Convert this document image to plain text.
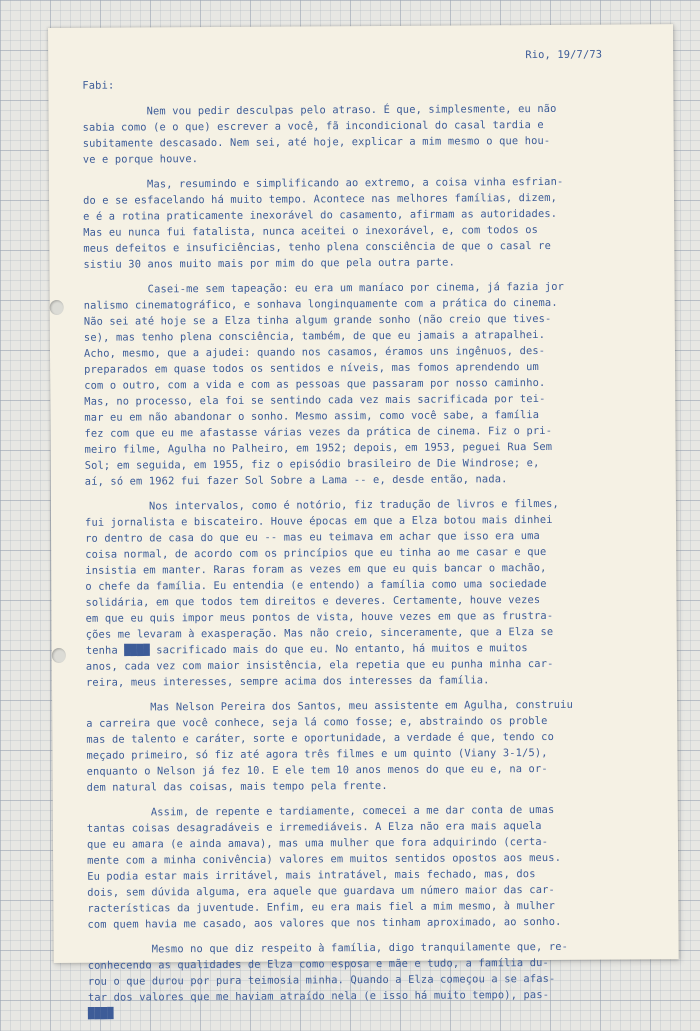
Rio, 19/7/73
Fabi:
Nem vou pedir desculpas pelo atraso. É que, simplesmente, eu não
sabia como (e o que) escrever a você, fã incondicional do casal tardia e
subitamente descasado. Nem sei, até hoje, explicar a mim mesmo o que hou-
ve e porque houve.
Mas, resumindo e simplificando ao extremo, a coisa vinha esfrian-
do e se esfacelando há muito tempo. Acontece nas melhores famílias, dizem,
e é a rotina praticamente inexorável do casamento, afirmam as autoridades.
Mas eu nunca fui fatalista, nunca aceitei o inexorável, e, com todos os
meus defeitos e insuficiências, tenho plena consciência de que o casal re
sistiu 30 anos muito mais por mim do que pela outra parte.
Casei-me sem tapeação: eu era um maníaco por cinema, já fazia jor
nalismo cinematográfico, e sonhava longinquamente com a prática do cinema.
Não sei até hoje se a Elza tinha algum grande sonho (não creio que tives-
se), mas tenho plena consciência, também, de que eu jamais a atrapalhei.
Acho, mesmo, que a ajudei: quando nos casamos, éramos uns ingênuos, des-
preparados em quase todos os sentidos e níveis, mas fomos aprendendo um
com o outro, com a vida e com as pessoas que passaram por nosso caminho.
Mas, no processo, ela foi se sentindo cada vez mais sacrificada por tei-
mar eu em não abandonar o sonho. Mesmo assim, como você sabe, a família
fez com que eu me afastasse várias vezes da prática de cinema. Fiz o pri-
meiro filme, Agulha no Palheiro, em 1952; depois, em 1953, peguei Rua Sem
Sol; em seguida, em 1955, fiz o episódio brasileiro de Die Windrose; e,
aí, só em 1962 fui fazer Sol Sobre a Lama -- e, desde então, nada.
Nos intervalos, como é notório, fiz tradução de livros e filmes,
fui jornalista e biscateiro. Houve épocas em que a Elza botou mais dinhei
ro dentro de casa do que eu -- mas eu teimava em achar que isso era uma
coisa normal, de acordo com os princípios que eu tinha ao me casar e que
insistia em manter. Raras foram as vezes em que eu quis bancar o machão,
o chefe da família. Eu entendia (e entendo) a família como uma sociedade
solidária, em que todos tem direitos e deveres. Certamente, houve vezes
em que eu quis impor meus pontos de vista, houve vezes em que as frustra-
ções me levaram à exasperação. Mas não creio, sinceramente, que a Elza se
tenha ████ sacrificado mais do que eu. No entanto, há muitos e muitos
anos, cada vez com maior insistência, ela repetia que eu punha minha car-
reira, meus interesses, sempre acima dos interesses da família.
Mas Nelson Pereira dos Santos, meu assistente em Agulha, construiu
a carreira que você conhece, seja lá como fosse; e, abstraindo os proble
mas de talento e caráter, sorte e oportunidade, a verdade é que, tendo co
meçado primeiro, só fiz até agora três filmes e um quinto (Viany 3-1/5),
enquanto o Nelson já fez 10. E ele tem 10 anos menos do que eu e, na or-
dem natural das coisas, mais tempo pela frente.
Assim, de repente e tardiamente, comecei a me dar conta de umas
tantas coisas desagradáveis e irremediáveis. A Elza não era mais aquela
que eu amara (e ainda amava), mas uma mulher que fora adquirindo (certa-
mente com a minha conivência) valores em muitos sentidos opostos aos meus.
Eu podia estar mais irritável, mais intratável, mais fechado, mas, dos
dois, sem dúvida alguma, era aquele que guardava um número maior das car-
racterísticas da juventude. Enfim, eu era mais fiel a mim mesmo, à mulher
com quem havia me casado, aos valores que nos tinham aproximado, ao sonho.
Mesmo no que diz respeito à família, digo tranquilamente que, re-
conhecendo as qualidades de Elza como esposa e mãe e tudo, a família du-
rou o que durou por pura teimosia minha. Quando a Elza começou a se afas-
tar dos valores que me haviam atraído nela (e isso há muito tempo), pas-
████
